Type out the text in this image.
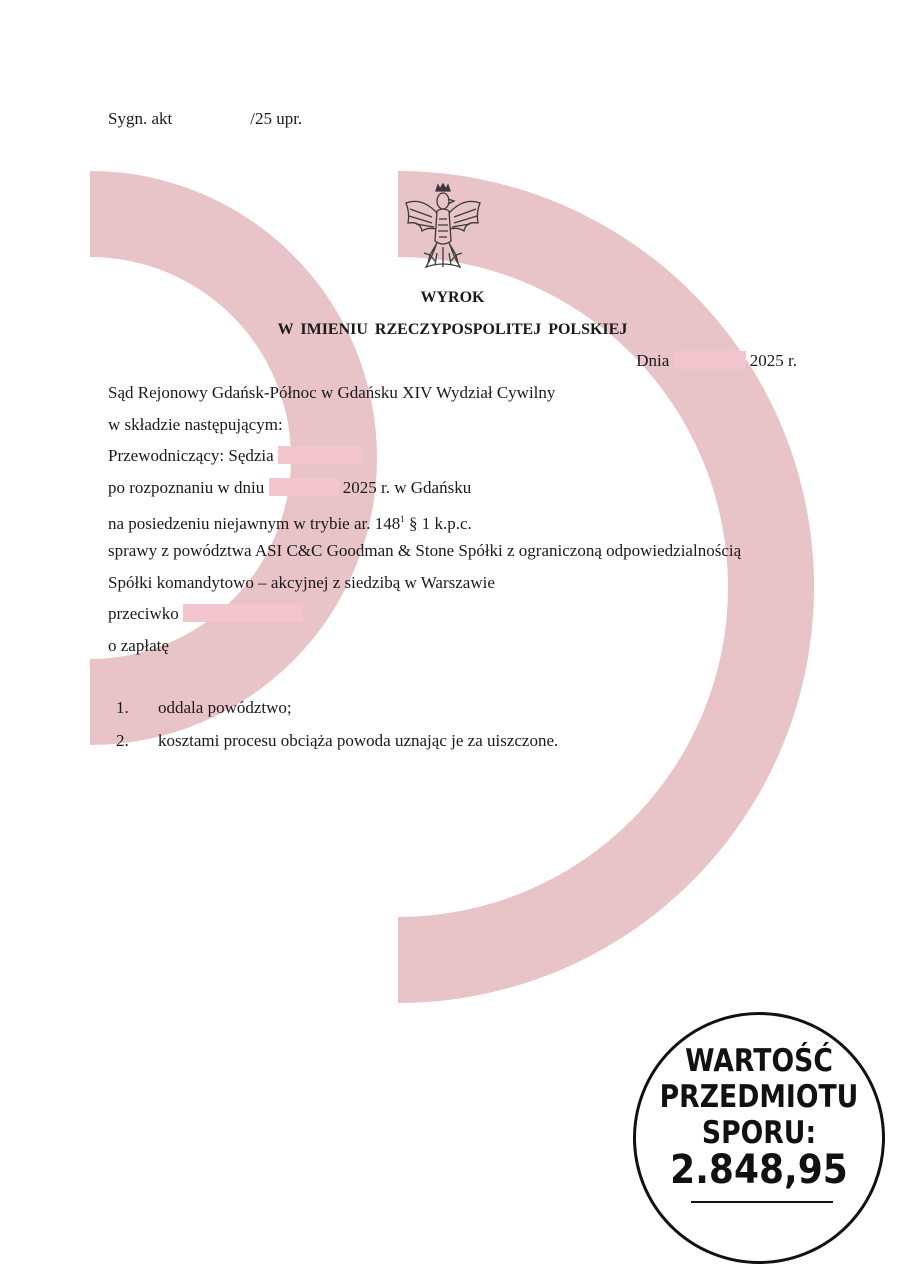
Sygn. akt	/25 upr.
WYROK
W IMIENIU RZECZYPOSPOLITEJ POLSKIEJ
Dnia	2025 r.
Sąd Rejonowy Gdańsk-Północ w Gdańsku XIV Wydział Cywilny
w składzie następującym:
Przewodniczący: Sędzia
po rozpoznaniu w dniu	2025 r. w Gdańsku
na posiedzeniu niejawnym w trybie ar. $148^1$ § 1 k.p.c.
sprawy z powództwa ASI C&C Goodman & Stone Spółki z ograniczoną odpowiedzialnością
Spółki komandytowo – akcyjnej z siedzibą w Warszawie
przeciwko
o zapłatę
1. oddala powództwo;
2. kosztami procesu obciąża powoda uznając je za uiszczone.
WARTOŚĆ
PRZEDMIOTU
SPORU:
2.848,95
